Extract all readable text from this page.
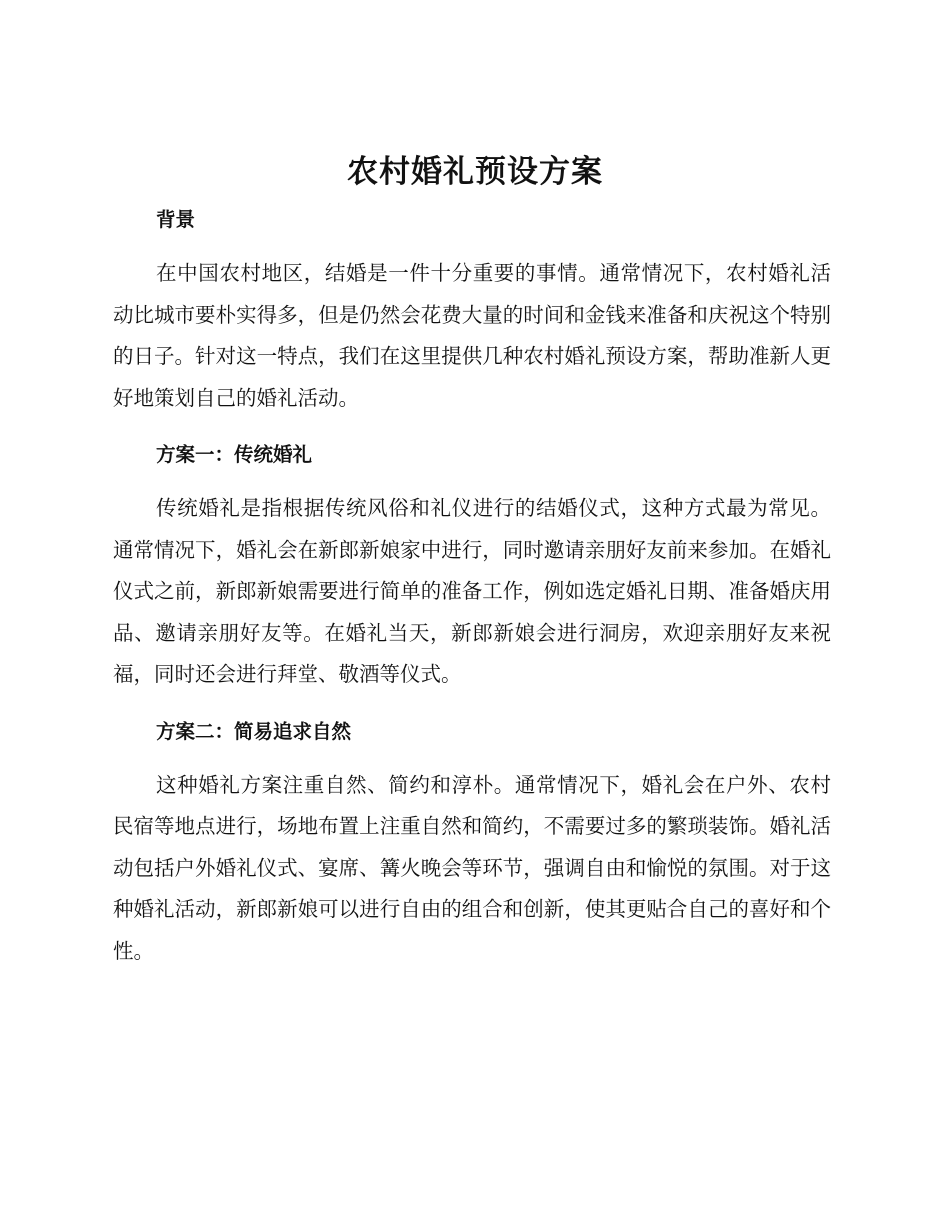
农村婚礼预设方案
背景

在中国农村地区，结婚是一件十分重要的事情。通常情况下，农村婚礼活动比城市要朴实得多，但是仍然会花费大量的时间和金钱来准备和庆祝这个特别的日子。针对这一特点，我们在这里提供几种农村婚礼预设方案，帮助准新人更好地策划自己的婚礼活动。

方案一：传统婚礼

传统婚礼是指根据传统风俗和礼仪进行的结婚仪式，这种方式最为常见。通常情况下，婚礼会在新郎新娘家中进行，同时邀请亲朋好友前来参加。在婚礼仪式之前，新郎新娘需要进行简单的准备工作，例如选定婚礼日期、准备婚庆用品、邀请亲朋好友等。在婚礼当天，新郎新娘会进行洞房，欢迎亲朋好友来祝福，同时还会进行拜堂、敬酒等仪式。

方案二：简易追求自然

这种婚礼方案注重自然、简约和淳朴。通常情况下，婚礼会在户外、农村民宿等地点进行，场地布置上注重自然和简约，不需要过多的繁琐装饰。婚礼活动包括户外婚礼仪式、宴席、篝火晚会等环节，强调自由和愉悦的氛围。对于这种婚礼活动，新郎新娘可以进行自由的组合和创新，使其更贴合自己的喜好和个性。
